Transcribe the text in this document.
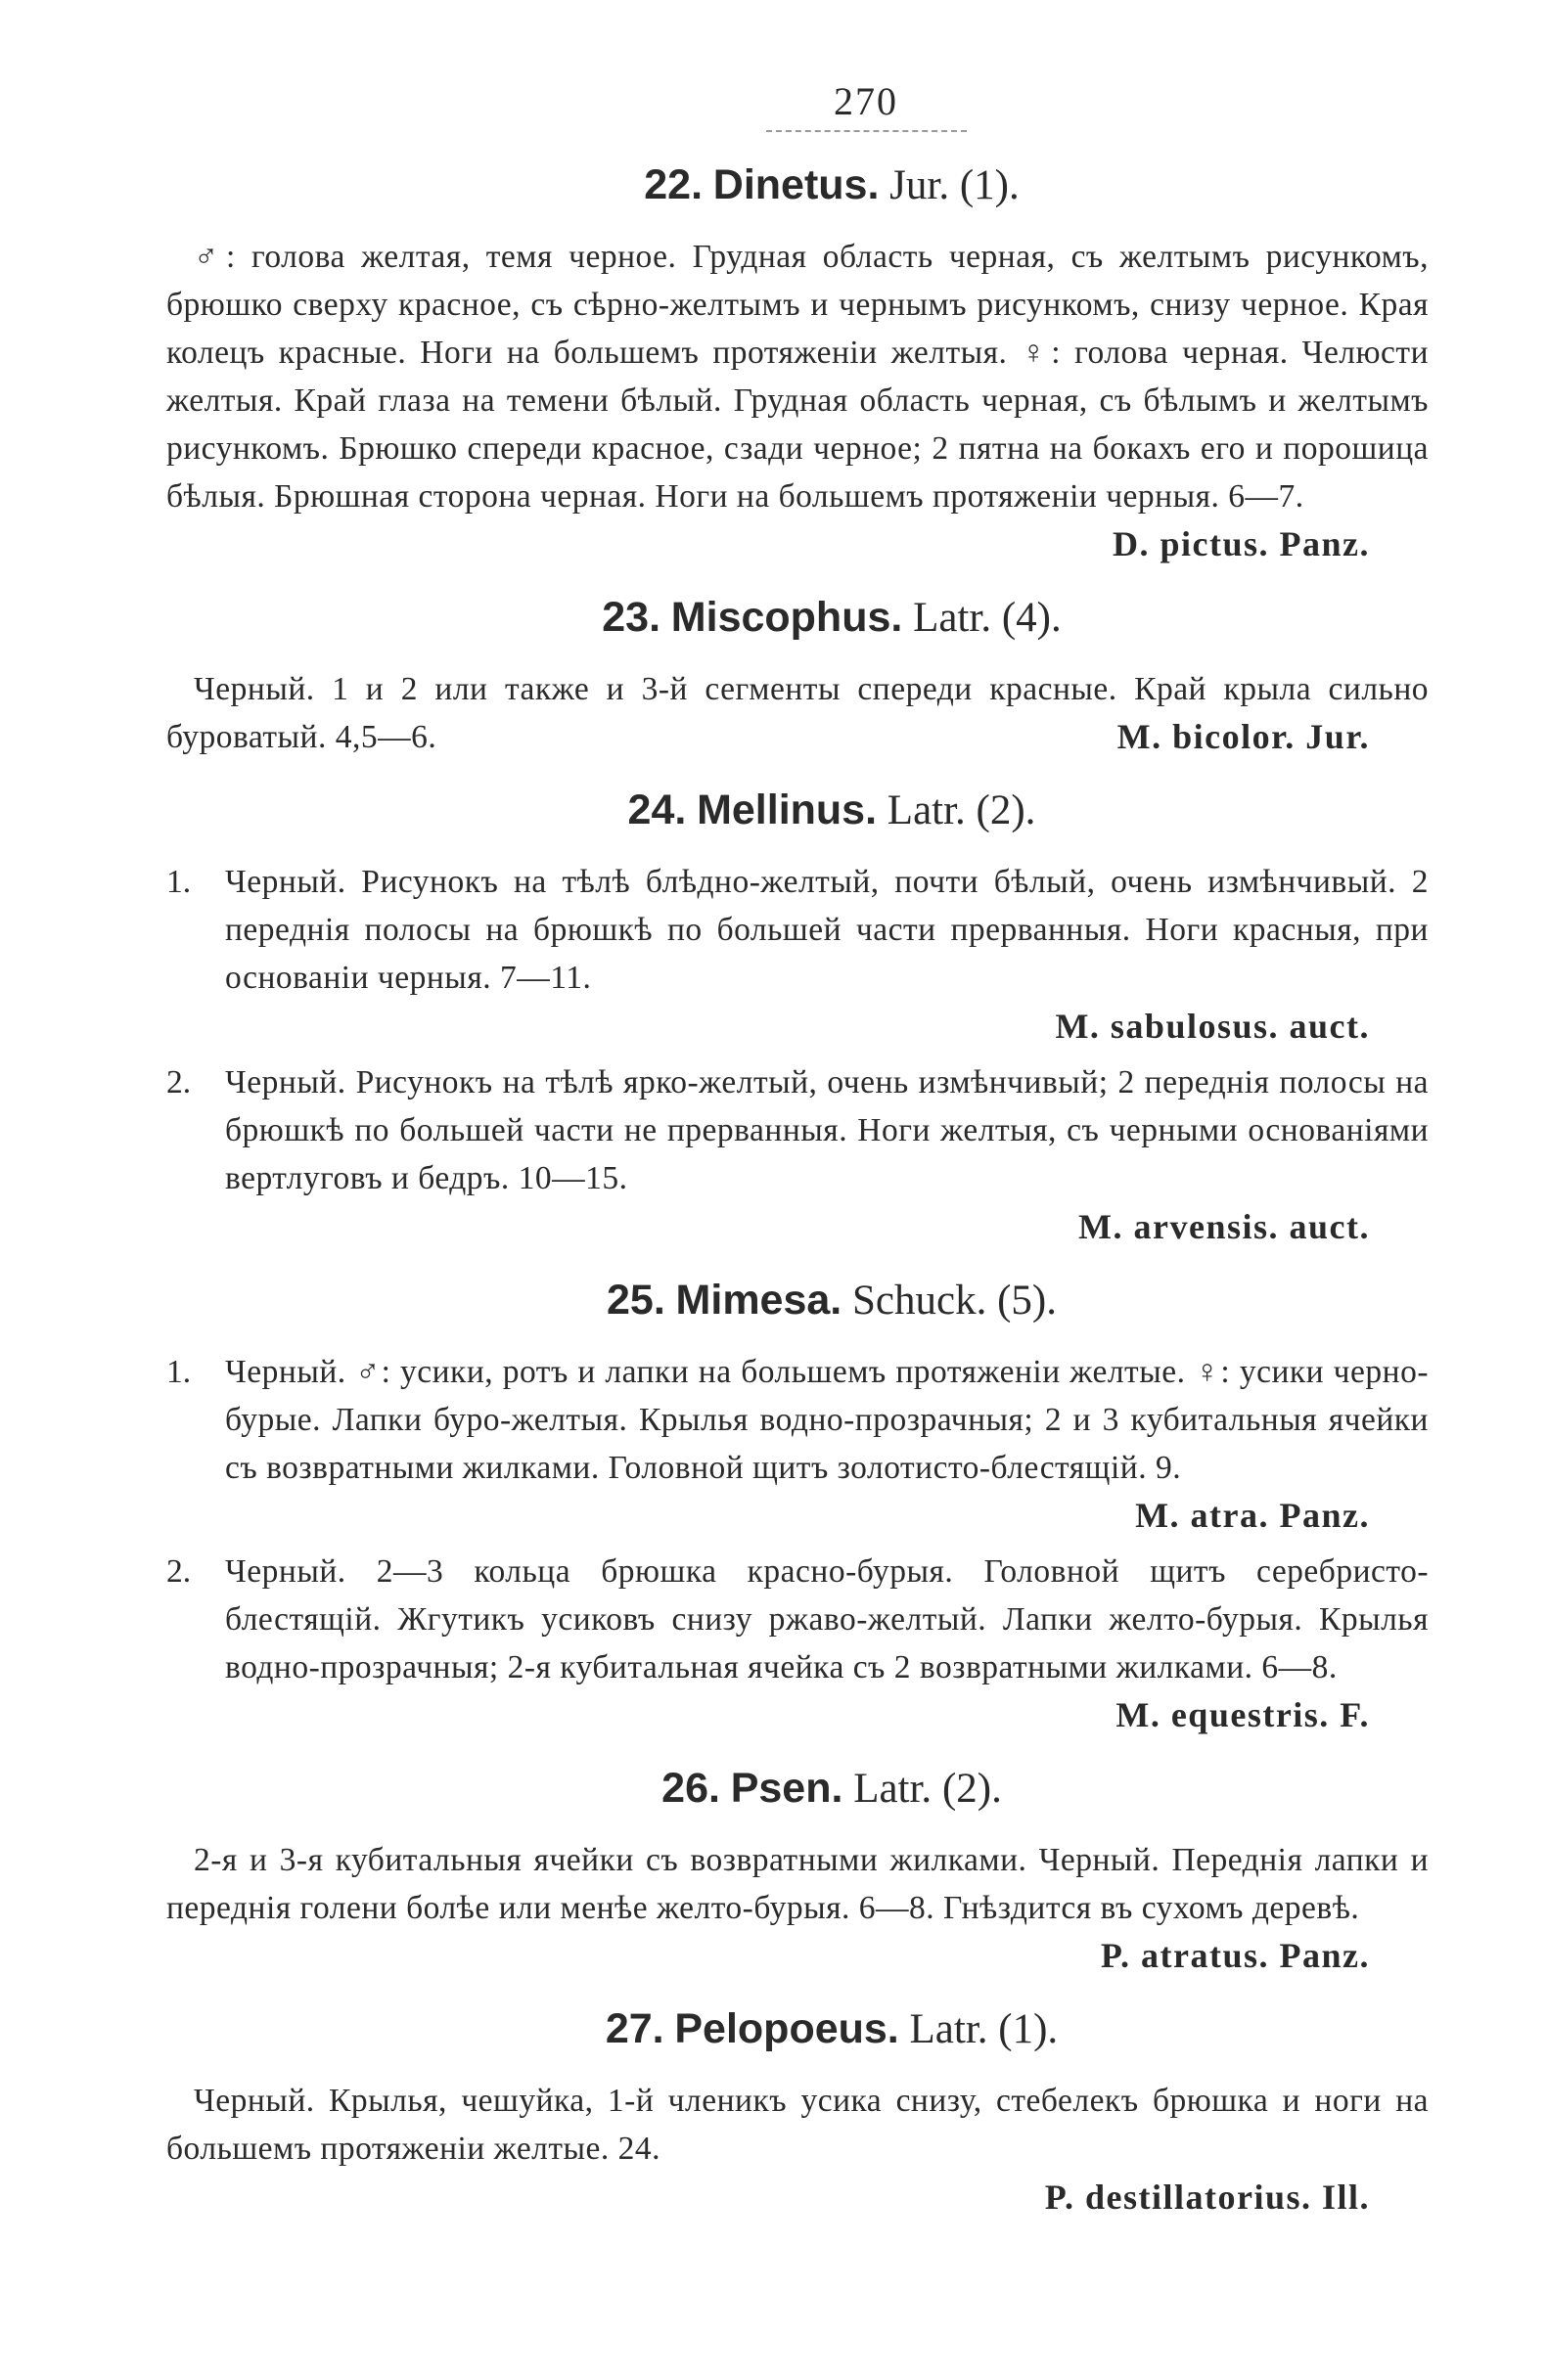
270
22. Dinetus. Jur. (1).

♂: голова желтая, темя черное. Грудная область черная, съ желтымъ рисункомъ, брюшко сверху красное, съ сѣрно-желтымъ и чернымъ рисункомъ, снизу черное. Края колецъ красные. Ноги на большемъ протяженіи желтыя. ♀: голова черная. Челюсти желтыя. Край глаза на темени бѣлый. Грудная область черная, съ бѣлымъ и желтымъ рисункомъ. Брюшко спереди красное, сзади черное; 2 пятна на бокахъ его и порошица бѣлыя. Брюшная сторона черная. Ноги на большемъ протяженіи черныя. 6—7.
D. pictus. Panz.

23. Miscophus. Latr. (4).

Черный. 1 и 2 или также и 3-й сегменты спереди красные. Край крыла сильно буроватый. 4,5—6.	M. bicolor. Jur.

24. Mellinus. Latr. (2).
1.	Черный. Рисунокъ на тѣлѣ блѣдно-желтый, почти бѣлый, очень измѣнчивый. 2 переднія полосы на брюшкѣ по большей части прерванныя. Ноги красныя, при основаніи черныя. 7—11.

M. sabulosus. auct.
2.	Черный. Рисунокъ на тѣлѣ ярко-желтый, очень измѣнчивый; 2 переднія полосы на брюшкѣ по большей части не прерванныя. Ноги желтыя, съ черными основаніями вертлуговъ и бедръ. 10—15.

M. arvensis. auct.
25. Mimesa. Schuck. (5).
1.	Черный. ♂: усики, ротъ и лапки на большемъ протяженіи желтые. ♀: усики черно-бурые. Лапки буро-желтыя. Крылья водно-прозрачныя; 2 и 3 кубитальныя ячейки съ возвратными жилками. Головной щитъ золотисто-блестящій. 9.
M. atra. Panz.

2.	Черный. 2—3 кольца брюшка красно-бурыя. Головной щитъ серебристо-блестящій. Жгутикъ усиковъ снизу ржаво-желтый. Лапки желто-бурыя. Крылья водно-прозрачныя; 2-я кубитальная ячейка съ 2 возвратными жилками. 6—8.
M. equestris. F.

26. Psen. Latr. (2).

2-я и 3-я кубитальныя ячейки съ возвратными жилками. Черный. Переднія лапки и переднія голени болѣе или менѣе желто-бурыя. 6—8. Гнѣздится въ сухомъ деревѣ.
P. atratus. Panz.

27. Pelopoeus. Latr. (1).

Черный. Крылья, чешуйка, 1-й членикъ усика снизу, стебелекъ брюшка и ноги на большемъ протяженіи желтые. 24.

P. destillatorius. Ill.
